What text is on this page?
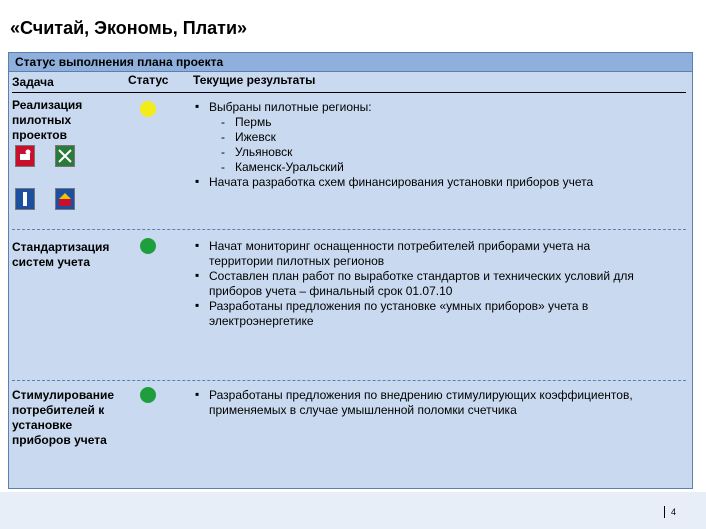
«Считай, Экономь, Плати»
Статус выполнения плана проекта
Задача	Статус Текущие результаты
Реализация
пилотных
проектов
▪ Выбраны пилотные регионы:
- Пермь
- Ижевск
- Ульяновск
- Каменск-Уральский
▪ Начата разработка схем финансирования установки приборов учета
Стандартизация
систем учета
▪ Начат мониторинг оснащенности потребителей приборами учета на
территории пилотных регионов
▪ Составлен план работ по выработке стандартов и технических условий для
приборов учета – финальный срок 01.07.10
▪ Разработаны предложения по установке «умных приборов» учета в
электроэнергетике
Стимулирование
потребителей к
установке
приборов учета
▪ Разработаны предложения по внедрению стимулирующих коэффициентов,
применяемых в случае умышленной поломки счетчика
4
